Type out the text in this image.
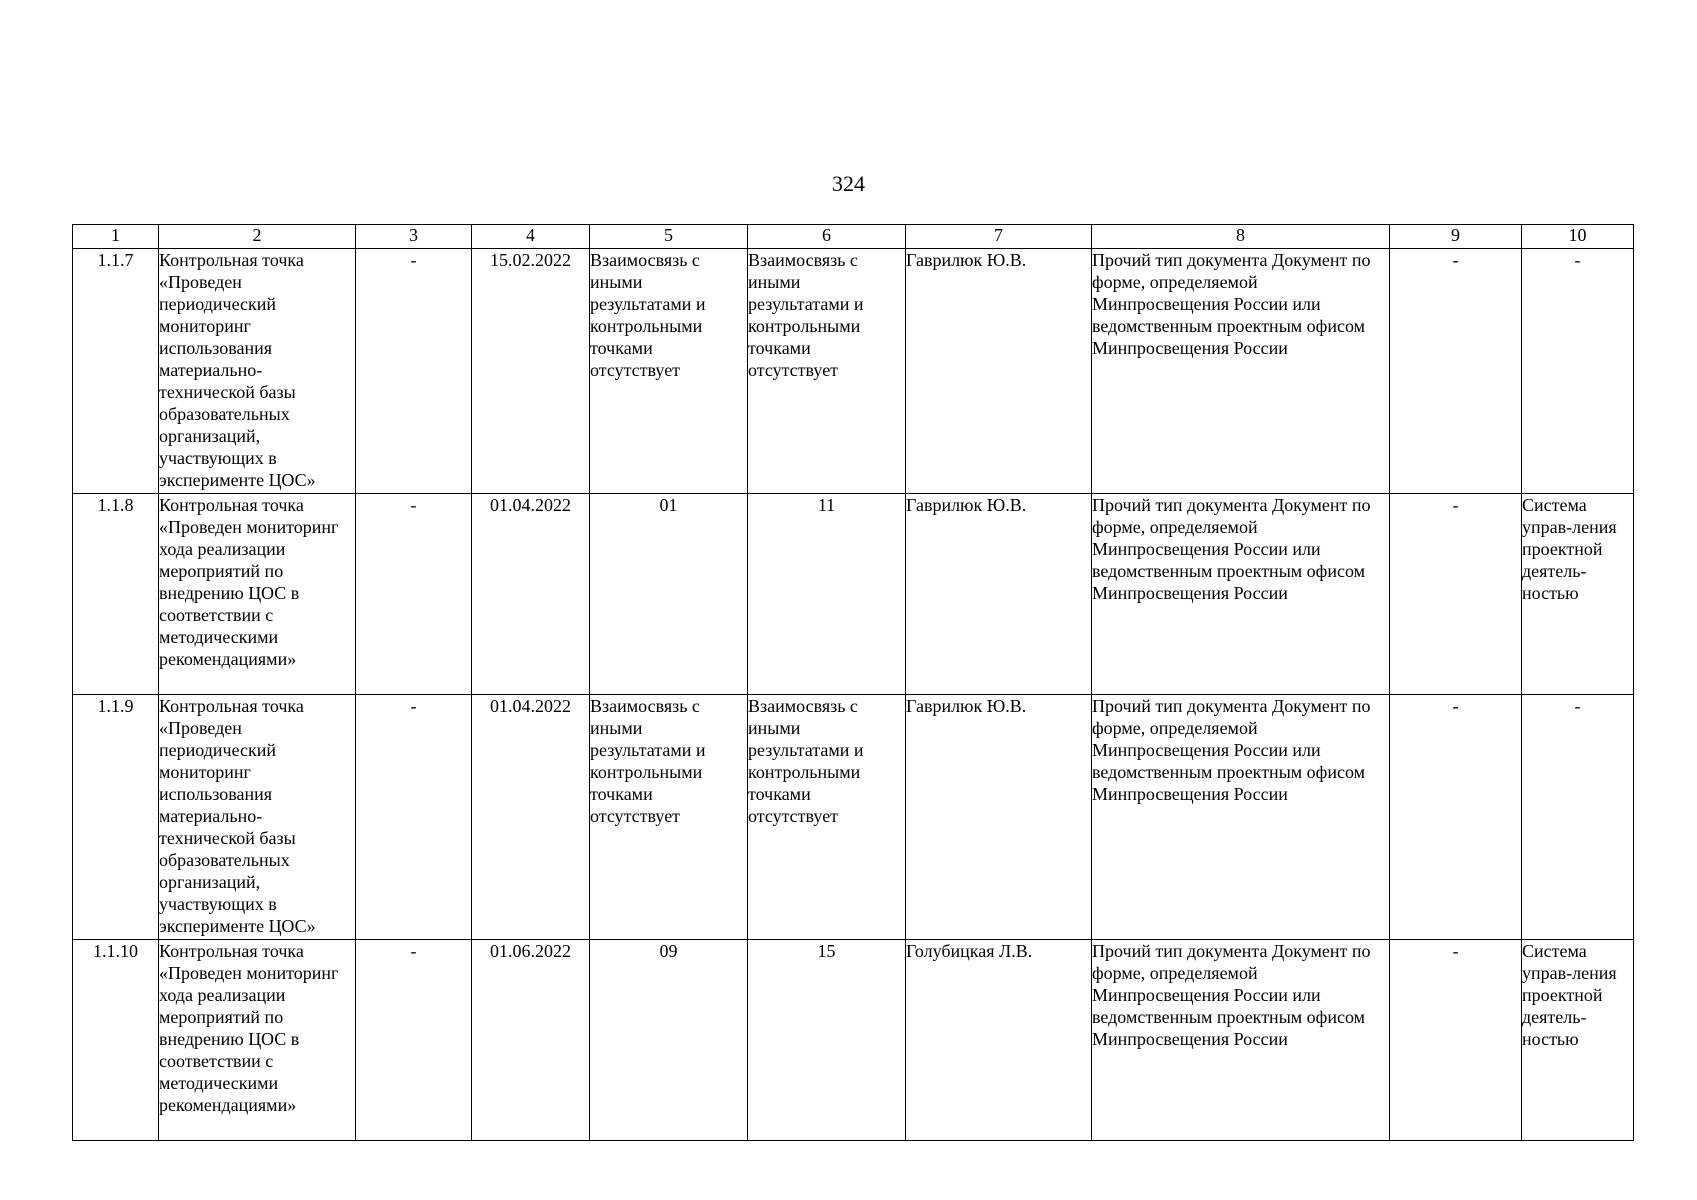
324
1	2	3	4	5	6	7	8	9	10
1.1.7	Контрольная точка «Проведен периодический мониторинг использования материально-технической базы образовательных организаций, участвующих в эксперименте ЦОС»	-	15.02.2022	Взаимосвязь с иными результатами и контрольными точками отсутствует	Взаимосвязь с иными результатами и контрольными точками отсутствует	Гаврилюк Ю.В.	Прочий тип документа Документ по форме, определяемой Минпросвещения России или ведомственным проектным офисом Минпросвещения России	-	-
1.1.8	Контрольная точка «Проведен мониторинг хода реализации мероприятий по внедрению ЦОС в соответствии с методическими рекомендациями»	-	01.04.2022	01	11	Гаврилюк Ю.В.	Прочий тип документа Документ по форме, определяемой Минпросвещения России или ведомственным проектным офисом Минпросвещения России	-	Система управ-ления проектной деятель-ностью
1.1.9	Контрольная точка «Проведен периодический мониторинг использования материально-технической базы образовательных организаций, участвующих в эксперименте ЦОС»	-	01.04.2022	Взаимосвязь с иными результатами и контрольными точками отсутствует	Взаимосвязь с иными результатами и контрольными точками отсутствует	Гаврилюк Ю.В.	Прочий тип документа Документ по форме, определяемой Минпросвещения России или ведомственным проектным офисом Минпросвещения России	-	-
1.1.10	Контрольная точка «Проведен мониторинг хода реализации мероприятий по внедрению ЦОС в соответствии с методическими рекомендациями»	-	01.06.2022	09	15	Голубицкая Л.В.	Прочий тип документа Документ по форме, определяемой Минпросвещения России или ведомственным проектным офисом Минпросвещения России	-	Система управ-ления проектной деятель-ностью
